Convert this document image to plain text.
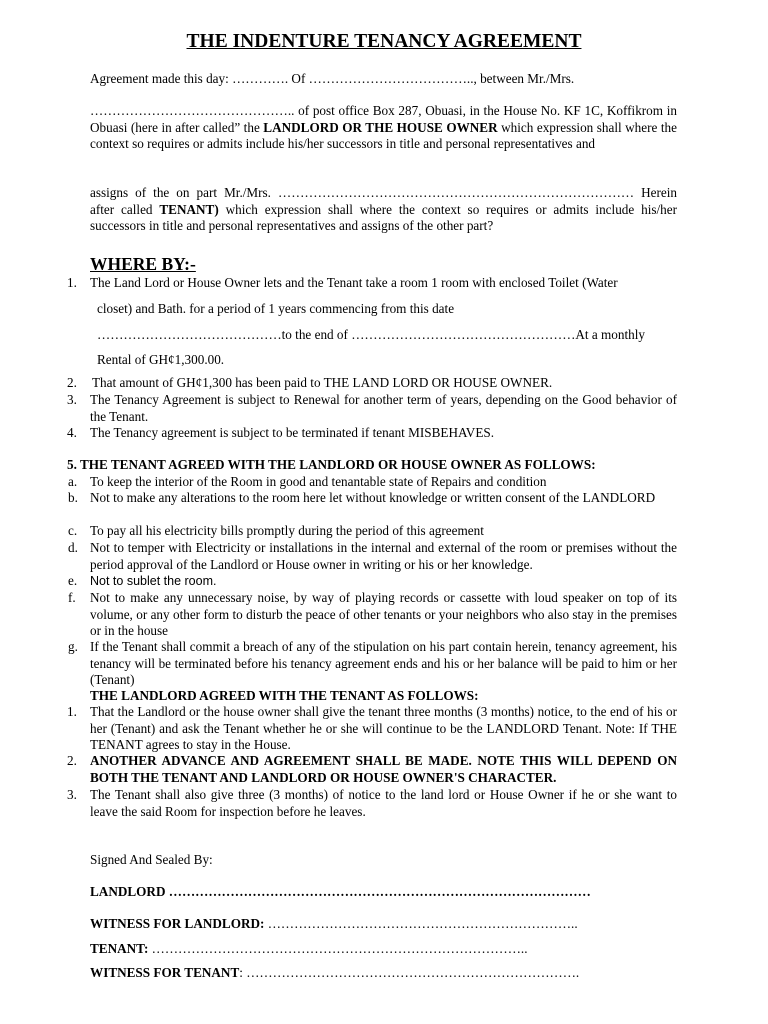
THE INDENTURE TENANCY AGREEMENT
Agreement made this day: …………. Of ……………………………….., between Mr./Mrs.
……………………………………….. of post office Box 287, Obuasi, in the House No. KF 1C, Koffikrom in Obuasi (here in after called” the LANDLORD OR THE HOUSE OWNER which expression shall where the context so requires or admits include his/her successors in title and personal representatives and
assigns of the on part Mr./Mrs. ……………………………………………………………………… Herein after called TENANT) which expression shall where the context so requires or admits include his/her successors in title and personal representatives and assigns of the other part?
WHERE BY:-
1. The Land Lord or House Owner lets and the Tenant take a room 1 room with enclosed Toilet (Water
closet) and Bath. for a period of 1 years commencing from this date
……………………………………to the end of ……………………………………………At a monthly
Rental of GH¢1,300.00.
2. That amount of GH¢1,300 has been paid to THE LAND LORD OR HOUSE OWNER.
3. The Tenancy Agreement is subject to Renewal for another term of years, depending on the Good behavior of the Tenant.
4. The Tenancy agreement is subject to be terminated if tenant MISBEHAVES.
5. THE TENANT AGREED WITH THE LANDLORD OR HOUSE OWNER AS FOLLOWS:
a. To keep the interior of the Room in good and tenantable state of Repairs and condition
b. Not to make any alterations to the room here let without knowledge or written consent of the LANDLORD
c. To pay all his electricity bills promptly during the period of this agreement
d. Not to temper with Electricity or installations in the internal and external of the room or premises without the period approval of the Landlord or House owner in writing or his or her knowledge.
e. Not to sublet the room.
f. Not to make any unnecessary noise, by way of playing records or cassette with loud speaker on top of its volume, or any other form to disturb the peace of other tenants or your neighbors who also stay in the premises or in the house
g. If the Tenant shall commit a breach of any of the stipulation on his part contain herein, tenancy agreement, his tenancy will be terminated before his tenancy agreement ends and his or her balance will be paid to him or her (Tenant)
THE LANDLORD AGREED WITH THE TENANT AS FOLLOWS:
1. That the Landlord or the house owner shall give the tenant three months (3 months) notice, to the end of his or her (Tenant) and ask the Tenant whether he or she will continue to be the LANDLORD Tenant. Note: If THE TENANT agrees to stay in the House.
2. ANOTHER ADVANCE AND AGREEMENT SHALL BE MADE. NOTE THIS WILL DEPEND ON BOTH THE TENANT AND LANDLORD OR HOUSE OWNER'S CHARACTER.
3. The Tenant shall also give three (3 months) of notice to the land lord or House Owner if he or she want to leave the said Room for inspection before he leaves.
Signed And Sealed By:
LANDLORD ……………………………………………………………………………………
WITNESS FOR LANDLORD: ……………………………………………………………..
TENANT: …………………………………………………………………………..
WITNESS FOR TENANT: ………………………………………………………………….
